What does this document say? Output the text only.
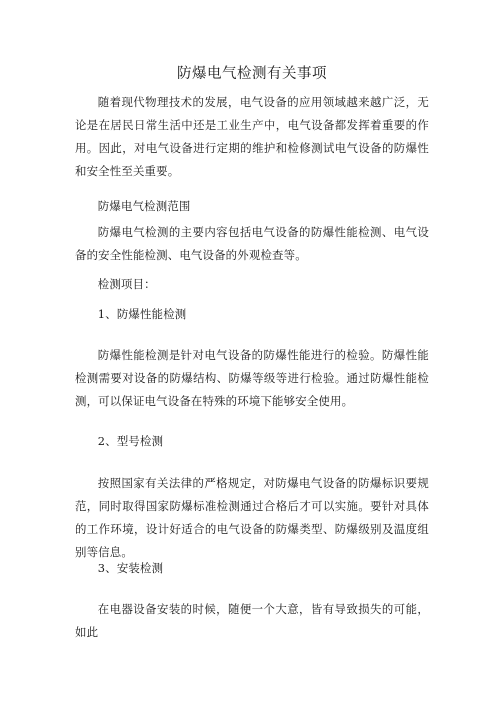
防爆电气检测有关事项

随着现代物理技术的发展，电气设备的应用领域越来越广泛，无论是在居民日常生活中还是工业生产中，电气设备都发挥着重要的作用。因此，对电气设备进行定期的维护和检修测试电气设备的防爆性和安全性至关重要。

防爆电气检测范围

防爆电气检测的主要内容包括电气设备的防爆性能检测、电气设备的安全性能检测、电气设备的外观检查等。

检测项目：

1、防爆性能检测

防爆性能检测是针对电气设备的防爆性能进行的检验。防爆性能检测需要对设备的防爆结构、防爆等级等进行检验。通过防爆性能检测，可以保证电气设备在特殊的环境下能够安全使用。

2、型号检测

按照国家有关法律的严格规定，对防爆电气设备的防爆标识要规范，同时取得国家防爆标准检测通过合格后才可以实施。要针对具体的工作环境，设计好适合的电气设备的防爆类型、防爆级别及温度组别等信息。

3、安装检测

在电器设备安装的时候，随便一个大意，皆有导致损失的可能，如此
